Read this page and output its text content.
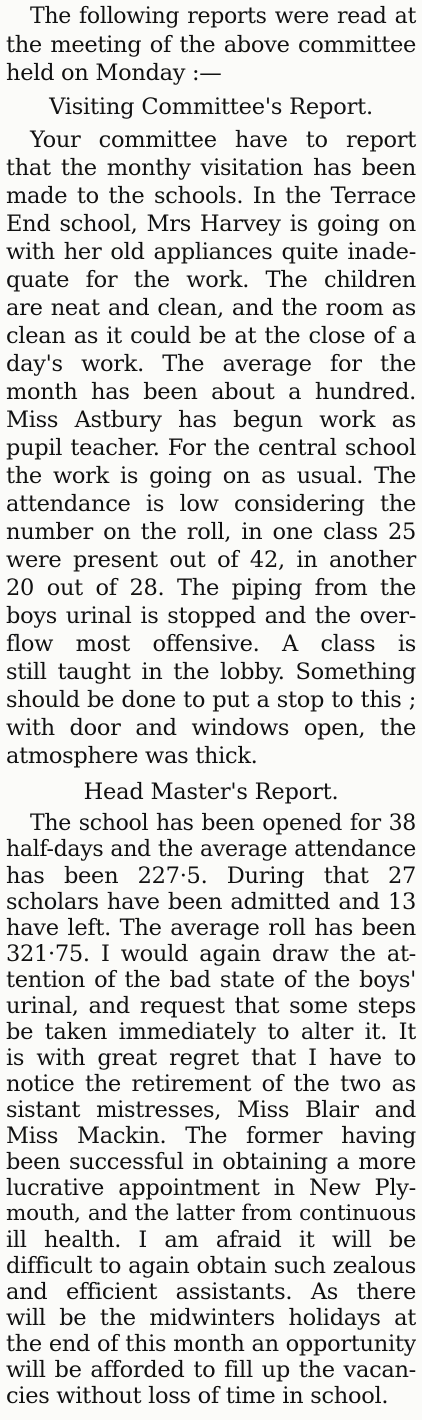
The following reports were read at
the meeting of the above committee
held on Monday :—
Visiting Committee's Report.
Your committee have to report
that the monthy visitation has been
made to the schools. In the Terrace
End school, Mrs Harvey is going on
with her old appliances quite inade-
quate for the work. The children
are neat and clean, and the room as
clean as it could be at the close of a
day's work. The average for the
month has been about a hundred.
Miss Astbury has begun work as
pupil teacher. For the central school
the work is going on as usual. The
attendance is low considering the
number on the roll, in one class 25
were present out of 42, in another
20 out of 28. The piping from the
boys urinal is stopped and the over-
flow most offensive. A class is
still taught in the lobby. Something
should be done to put a stop to this ;
with door and windows open, the
atmosphere was thick.
Head Master's Report.
The school has been opened for 38
half-days and the average attendance
has been 227·5. During that 27
scholars have been admitted and 13
have left. The average roll has been
321·75. I would again draw the at-
tention of the bad state of the boys'
urinal, and request that some steps
be taken immediately to alter it. It
is with great regret that I have to
notice the retirement of the two as
sistant mistresses, Miss Blair and
Miss Mackin. The former having
been successful in obtaining a more
lucrative appointment in New Ply-
mouth, and the latter from continuous
ill health. I am afraid it will be
difficult to again obtain such zealous
and efficient assistants. As there
will be the midwinters holidays at
the end of this month an opportunity
will be afforded to fill up the vacan-
cies without loss of time in school.
